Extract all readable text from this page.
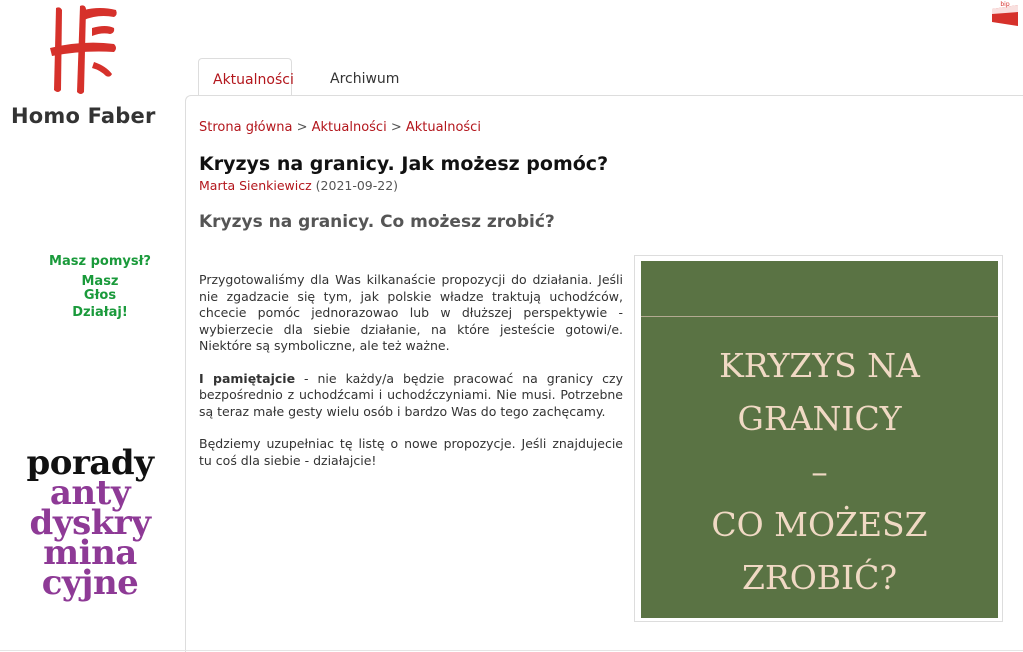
Homo Faber
Masz pomysł?
Masz
Głos
Działaj!
porady
anty
dyskry
mina
cyjne
bip
Aktualności	Archiwum
Strona główna > Aktualności > Aktualności
Kryzys na granicy. Jak możesz pomóc?
Marta Sienkiewicz (2021-09-22)
Kryzys na granicy. Co możesz zrobić?

Przygotowaliśmy dla Was kilkanaście propozycji do działania. Jeśli nie zgadzacie się tym, jak polskie władze traktują uchodźców, chcecie pomóc jednorazowao lub w dłuższej perspektywie - wybierzecie dla siebie działanie, na które jesteście gotowi/e. Niektóre są symboliczne, ale też ważne.

I pamiętajcie - nie każdy/a będzie pracować na granicy czy bezpośrednio z uchodźcami i uchodźczyniami. Nie musi. Potrzebne są teraz małe gesty wielu osób i bardzo Was do tego zachęcamy.

Będziemy uzupełniac tę listę o nowe propozycje. Jeśli znajdujecie tu coś dla siebie - działajcie!

KRYZYS NA
GRANICY
–
CO MOŻESZ
ZROBIĆ?
